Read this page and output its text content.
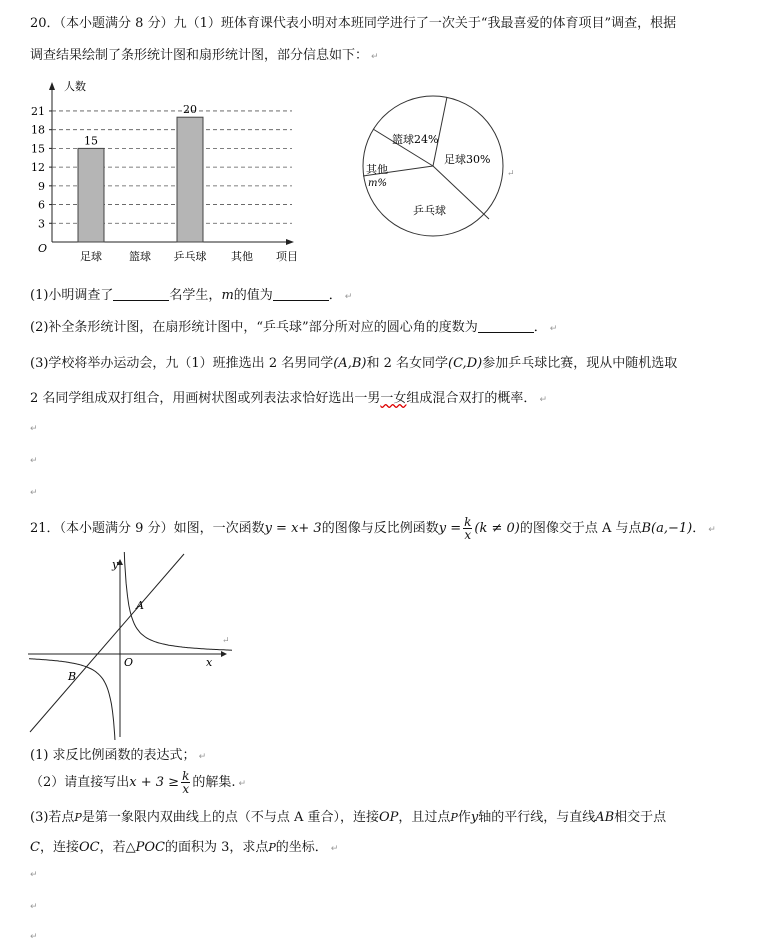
20．（本小题满分 8 分）九（1）班体育课代表小明对本班同学进行了一次关于“我最喜爱的体育项目”调查，根据
调查结果绘制了条形统计图和扇形统计图，部分信息如下： ↵
3
6
9
12
15
18
21
人数
O
项目
足球
15
篮球 乒乓球
20
其他
篮球24%
足球30%
其他
m%
乒乓球
↵
(1)小明调查了	名学生，m的值为	． ↵
(2)补全条形统计图，在扇形统计图中，“乒乓球”部分所对应的圆心角的度数为	． ↵
(3)学校将举办运动会，九（1）班推选出 2 名男同学(A,B)和 2 名女同学(C,D)参加乒乓球比赛，现从中随机选取
2 名同学组成双打组合，用画树状图或列表法求恰好选出一男一女组成混合双打的概率． ↵
↵
↵
↵
21．（本小题满分 9 分）如图，一次函数y = x+ 3的图像与反比例函数$y = \frac{k}{x} (k \ne 0)$的图像交于点 A 与点B(a,−1)． ↵
y
x
O
A
B
↵
(1) 求反比例函数的表达式； ↵
（2）请直接写出$x + 3 \ge \frac{k}{x}$ 的解集. ↵
(3)若点P是第一象限内双曲线上的点（不与点 A 重合），连接OP，且过点P作y轴的平行线，与直线AB相交于点
C，连接OC，若△POC的面积为 3，求点P的坐标． ↵
↵
↵
↵
